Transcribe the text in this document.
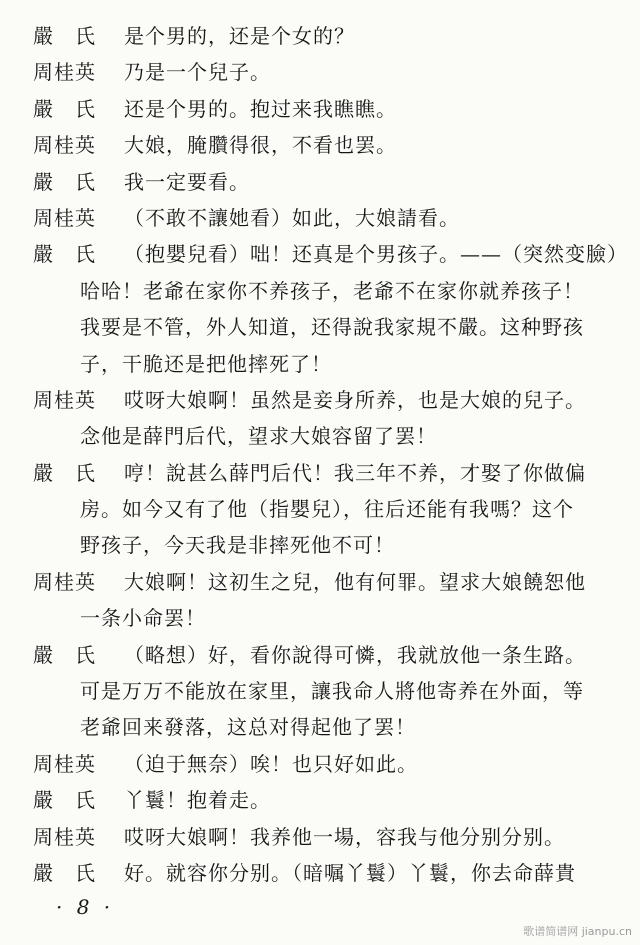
嚴　氏 是个男的，还是个女的？
周桂英 乃是一个兒子。
嚴　氏 还是个男的。抱过来我瞧瞧。
周桂英 大娘，腌臢得很，不看也罢。
嚴　氏 我一定要看。
周桂英 （不敢不讓她看）如此，大娘請看。
嚴　氏 （抱嬰兒看）咄！还真是个男孩子。——（突然变臉）
哈哈！老爺在家你不养孩子，老爺不在家你就养孩子！
我要是不管，外人知道，还得說我家規不嚴。这种野孩
子，干脆还是把他摔死了！
周桂英 哎呀大娘啊！虽然是妾身所养，也是大娘的兒子。
念他是薛門后代，望求大娘容留了罢！
嚴　氏 哼！說甚么薛門后代！我三年不养，才娶了你做偏
房。如今又有了他（指嬰兒），往后还能有我嗎？这个
野孩子，今天我是非摔死他不可！
周桂英 大娘啊！这初生之兒，他有何罪。望求大娘饒恕他
一条小命罢！
嚴　氏 （略想）好，看你說得可憐，我就放他一条生路。
可是万万不能放在家里，讓我命人將他寄养在外面，等
老爺回来發落，这总对得起他了罢！
周桂英 （迫于無奈）唉！也只好如此。
嚴　氏 丫鬟！抱着走。
周桂英 哎呀大娘啊！我养他一場，容我与他分别分别。
嚴　氏 好。就容你分别。（暗嘱丫鬟）丫鬟，你去命薛貴
· 8 ·
歌谱简谱网 jianpu.cn
